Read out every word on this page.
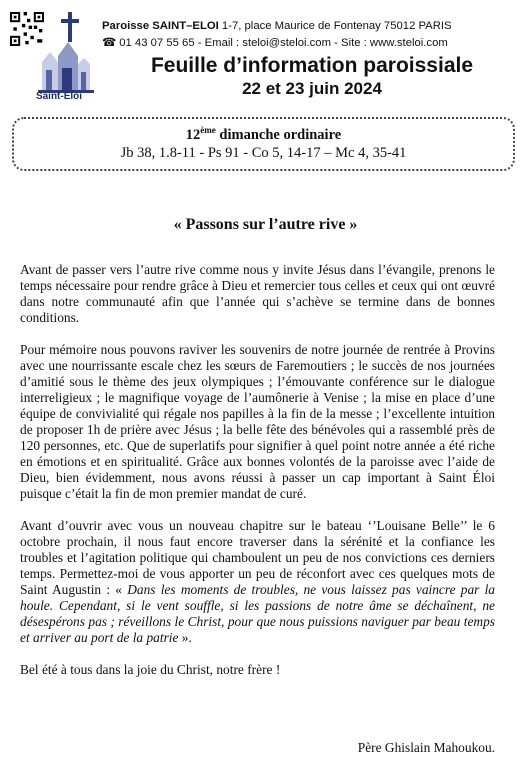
Saint-Éloi
Paroisse SAINT–ELOI 1-7, place Maurice de Fontenay 75012 PARIS
☎ 01 43 07 55 65 - Email : steloi@steloi.com - Site : www.steloi.com
Feuille d’information paroissiale
22 et 23 juin 2024
12ème dimanche ordinaire
Jb 38, 1.8-11 - Ps 91 - Co 5, 14-17 – Mc 4, 35-41
« Passons sur l’autre rive »

Avant de passer vers l’autre rive comme nous y invite Jésus dans l’évangile, prenons le temps nécessaire pour rendre grâce à Dieu et remercier tous celles et ceux qui ont œuvré dans notre communauté afin que l’année qui s’achève se termine dans de bonnes conditions.

Pour mémoire nous pouvons raviver les souvenirs de notre journée de rentrée à Provins avec une nourrissante escale chez les sœurs de Faremoutiers ; le succès de nos journées d’amitié sous le thème des jeux olympiques ; l’émouvante conférence sur le dialogue interreligieux ; le magnifique voyage de l’aumônerie à Venise ; la mise en place d’une équipe de convivialité qui régale nos papilles à la fin de la messe ; l’excellente intuition de proposer 1h de prière avec Jésus ; la belle fête des bénévoles qui a rassemblé près de 120 personnes, etc. Que de superlatifs pour signifier à quel point notre année a été riche en émotions et en spiritualité. Grâce aux bonnes volontés de la paroisse avec l’aide de Dieu, bien évidemment, nous avons réussi à passer un cap important à Saint Éloi puisque c’était la fin de mon premier mandat de curé.

Avant d’ouvrir avec vous un nouveau chapitre sur le bateau ‘’Louisane Belle’’ le 6 octobre prochain, il nous faut encore traverser dans la sérénité et la confiance les troubles et l’agitation politique qui chamboulent un peu de nos convictions ces derniers temps. Permettez-moi de vous apporter un peu de réconfort avec ces quelques mots de Saint Augustin : « Dans les moments de troubles, ne vous laissez pas vaincre par la houle. Cependant, si le vent souffle, si les passions de notre âme se déchaînent, ne désespérons pas ; réveillons le Christ, pour que nous puissions naviguer par beau temps et arriver au port de la patrie ».

Bel été à tous dans la joie du Christ, notre frère !

Père Ghislain Mahoukou.
